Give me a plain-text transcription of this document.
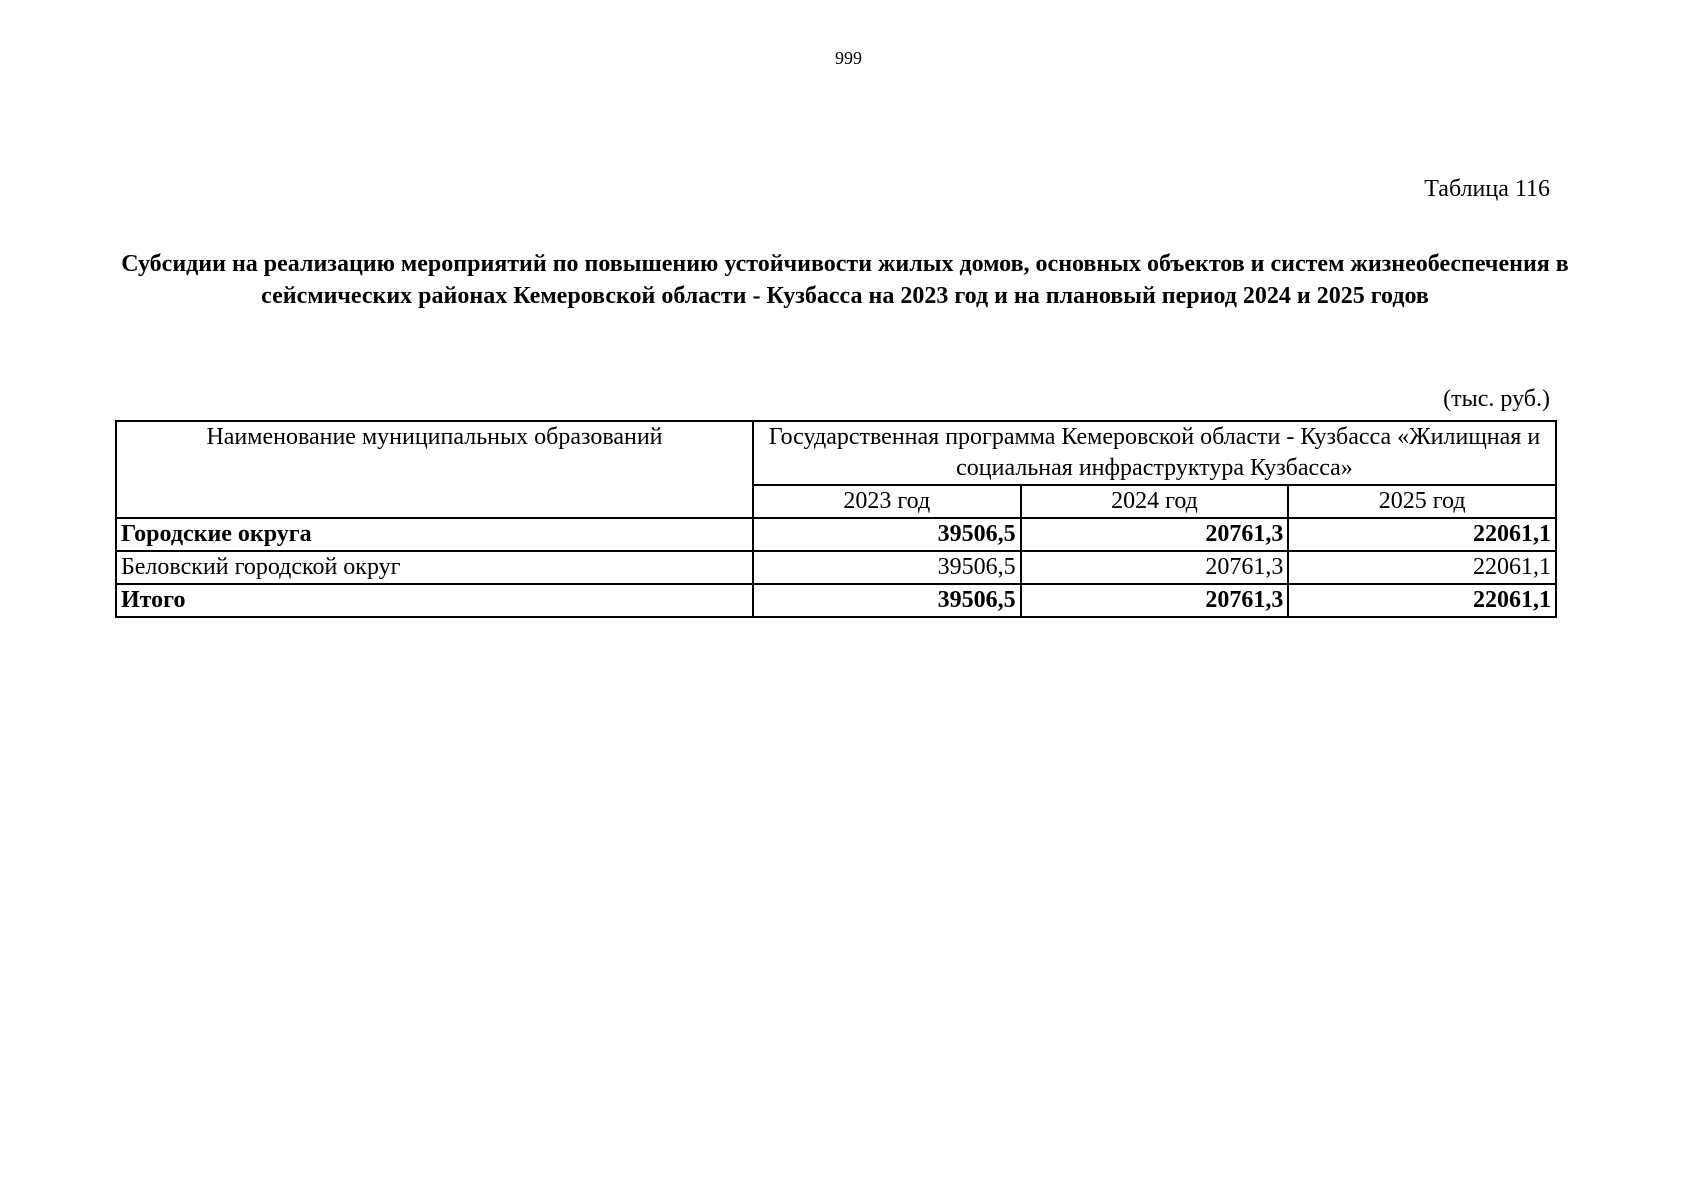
999
Таблица 116
Субсидии на реализацию мероприятий по повышению устойчивости жилых домов, основных объектов и систем жизнеобеспечения в сейсмических районах Кемеровской области - Кузбасса на 2023 год и на плановый период 2024 и 2025 годов
(тыс. руб.)
Наименование муниципальных образований	Государственная программа Кемеровской области - Кузбасса «Жилищная и социальная инфраструктура Кузбасса»		
	2023 год	2024 год	2025 год
Городские округа	39506,5	20761,3	22061,1
Беловский городской округ	39506,5	20761,3	22061,1
Итого	39506,5	20761,3	22061,1
